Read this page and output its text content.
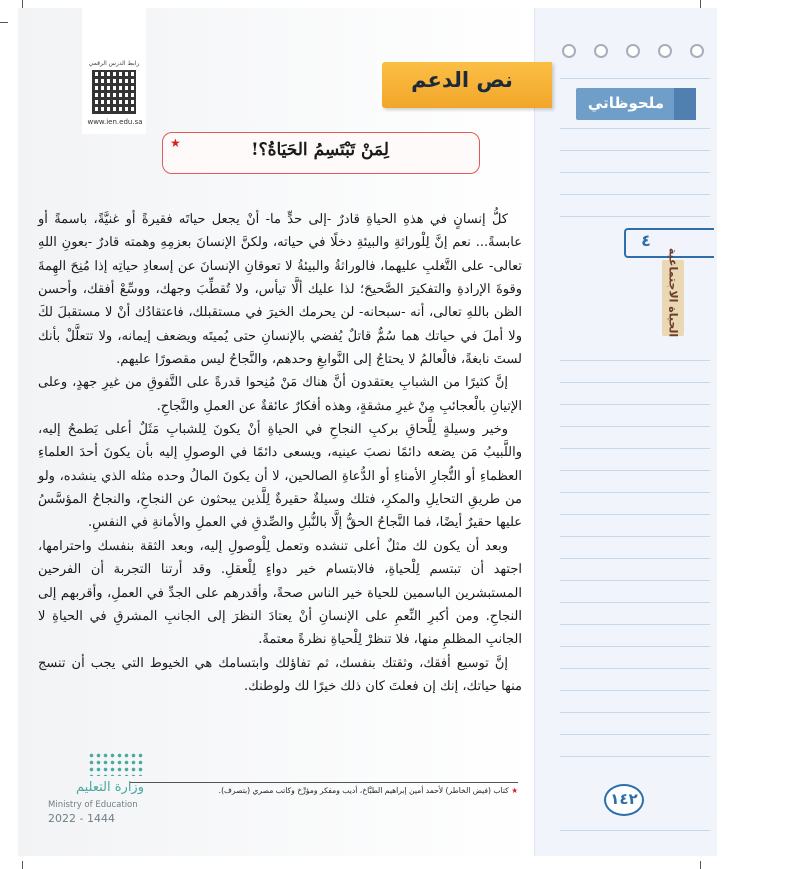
رابط الدرس الرقمي
www.ien.edu.sa
نص الدعم
ملحوظاتي
★	لِمَنْ تَبْتَسِمُ الحَيَاةُ؟!

كلُّ إنسانٍ في هذهِ الحياةِ قادرٌ -إلى حدٍّ ما- أنْ يجعل حياتَه فقيرةً أو غنيَّةً، باسمةً أو عابسةً... نعم إنَّ لِلْوراثةِ والبيئةِ دخلًا في حياته، ولكنَّ الإنسانَ بعزمِهِ وهمته قادرٌ -بعونِ اللهِ تعالى- على التَّغلبِ عليهما، فالوراثةُ والبيئةُ لا تعوقانِ الإنسانَ عن إسعادِ حياتِه إذا مُنِحَ الهِمةَ وقوةَ الإرادةِ والتفكيرَ الصَّحيحَ؛ لذا عليك ألَّا تيأس، ولا تُقطِّبَ وجهك، ووسِّعْ أفقك، وأحسن الظن باللهِ تعالى، أنه -سبحانه- لن يحرمك الخيرَ في مستقبلك، فاعتقادُك أنْ لا مستقبلَ لكَ ولا أملَ في حياتك هما سُمٌّ قاتلٌ يُفضي بالإنسانِ حتى يُميتَه ويضعف إيمانه، ولا تتعلَّلْ بأنك لستَ نابغةً، فالْعالمُ لا يحتاجُ إلى النَّوابغِ وحدهم، والنَّجاحُ ليس مقصورًا عليهم.

إنَّ كثيرًا من الشبابِ يعتقدون أنَّ هناك مَنْ مُنِحوا قدرةً على التَّفوقِ من غيرِ جهدٍ، وعلى الإتيانِ بالْعجائبِ مِنْ غيرِ مشقةٍ، وهذه أفكارٌ عائقةٌ عن العملِ والنَّجاحِ.

وخير وسيلةٍ لِلَّحاقِ بركبِ النجاحِ في الحياةِ أنْ يكونَ لِلشبابِ مَثَلٌ أعلى يَطمحُ إليه، واللَّبيبُ مَن يضعه دائمًا نصبَ عينيه، ويسعى دائمًا في الوصولِ إليه بأن يكونَ أحدَ العلماءِ العظماءِ أو التُّجارِ الأمناءِ أو الدُّعاةِ الصالحين، لا أن يكونَ المالُ وحده مثله الذي ينشده، ولو من طريقِ التحايلِ والمكرِ، فتلك وسيلةٌ حقيرةٌ لِلَّذين يبحثون عن النجاحِ، والنجاحُ المؤسَّسُ عليها حقيرٌ أيضًا، فما النَّجاحُ الحقُّ إلَّا بالنُّبلِ والصِّدقِ في العملِ والأمانةِ في النفسِ.

وبعد أن يكون لك مثلٌ أعلى تنشده وتعمل لِلْوصولِ إليه، وبعد الثقة بنفسك واحترامها، اجتهد أن تبتسم لِلْحياةِ، فالابتسام خير دواءٍ لِلْعقلِ. وقد أرتنا التجربة أن الفرحين المستبشرين الباسمين للحياة خير الناس صحةً، وأقدرهم على الجدِّ في العملِ، وأقربهم إلى النجاحِ. ومن أكبرِ النِّعمِ على الإنسانِ أنْ يعتادَ النظرَ إلى الجانبِ المشرقِ في الحياةِ لا الجانبِ المظلمِ منها، فلا تنظرْ لِلْحياةِ نظرةً معتمةً.

إنَّ توسيع أفقك، وثقتك بنفسك، ثم تفاؤلك وابتسامك هي الخيوط التي يجب أن تنسج منها حياتك، إنك إن فعلتَ كان ذلك خيرًا لك ولوطنك.

★ كتاب (فيض الخاطر) لأحمد أمين إبراهيم الطبَّاخ، أديب ومفكر ومؤرِّخ وكاتب مصري (بتصرف).
وزارة التعليم
Ministry of Education
2022 - 1444
١٤٢
٤
الحياة الاجتماعية
